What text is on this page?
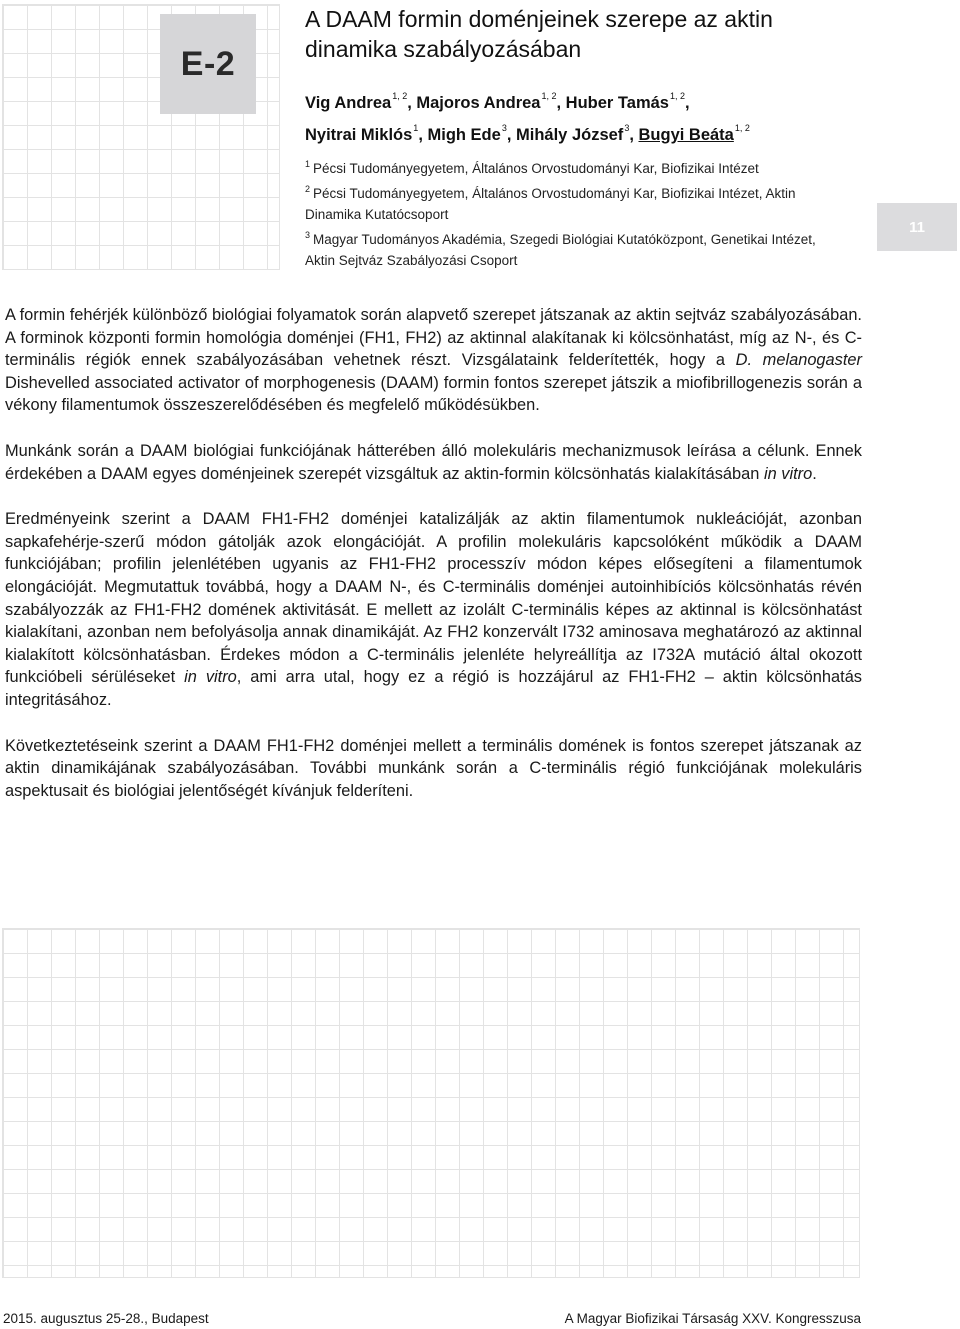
E-2
A DAAM formin doménjeinek szerepe az aktin dinamika szabályozásában
Vig Andrea$^{1, 2}$, Majoros Andrea$^{1, 2}$, Huber Tamás$^{1, 2}$,
Nyitrai Miklós$^1$, Migh Ede$^3$, Mihály József$^3$, Bugyi Beáta$^{1, 2}$
$^1$ Pécsi Tudományegyetem, Általános Orvostudományi Kar, Biofizikai Intézet
$^2$ Pécsi Tudományegyetem, Általános Orvostudományi Kar, Biofizikai Intézet, Aktin Dinamika Kutatócsoport
$^3$ Magyar Tudományos Akadémia, Szegedi Biológiai Kutatóközpont, Genetikai Intézet, Aktin Sejtváz Szabályozási Csoport
11

A formin fehérjék különböző biológiai folyamatok során alapvető szerepet játszanak az aktin sejtváz szabályozásában. A forminok központi formin homológia doménjei (FH1, FH2) az aktinnal alakítanak ki kölcsönhatást, míg az N-, és C-terminális régiók ennek szabályozásában vehetnek részt. Vizsgálataink felderítették, hogy a D. melanogaster Dishevelled associated activator of morphogenesis (DAAM) formin fontos szerepet játszik a miofibrillogenezis során a vékony filamentumok összeszerelődésében és megfelelő működésükben.

Munkánk során a DAAM biológiai funkciójának hátterében álló molekuláris mechanizmusok leírása a célunk. Ennek érdekében a DAAM egyes doménjeinek szerepét vizsgáltuk az aktin-formin kölcsönhatás kialakításában in vitro.

Eredményeink szerint a DAAM FH1-FH2 doménjei katalizálják az aktin filamentumok nukleációját, azonban sapkafehérje-szerű módon gátolják azok elongációját. A profilin molekuláris kapcsolóként működik a DAAM funkciójában; profilin jelenlétében ugyanis az FH1-FH2 processzív módon képes elősegíteni a filamentumok elongációját. Megmutattuk továbbá, hogy a DAAM N-, és C-terminális doménjei autoinhibíciós kölcsönhatás révén szabályozzák az FH1-FH2 domének aktivitását. E mellett az izolált C-terminális képes az aktinnal is kölcsönhatást kialakítani, azonban nem befolyásolja annak dinamikáját. Az FH2 konzervált I732 aminosava meghatározó az aktinnal kialakított kölcsönhatásban. Érdekes módon a C-terminális jelenléte helyreállítja az I732A mutáció által okozott funkcióbeli sérüléseket in vitro, ami arra utal, hogy ez a régió is hozzájárul az FH1-FH2 – aktin kölcsönhatás integritásához.

Következtetéseink szerint a DAAM FH1-FH2 doménjei mellett a terminális domének is fontos szerepet játszanak az aktin dinamikájának szabályozásában. További munkánk során a C-terminális régió funkciójának molekuláris aspektusait és biológiai jelentőségét kívánjuk felderíteni.

2015. augusztus 25-28., Budapest	A Magyar Biofizikai Társaság XXV. Kongresszusa
